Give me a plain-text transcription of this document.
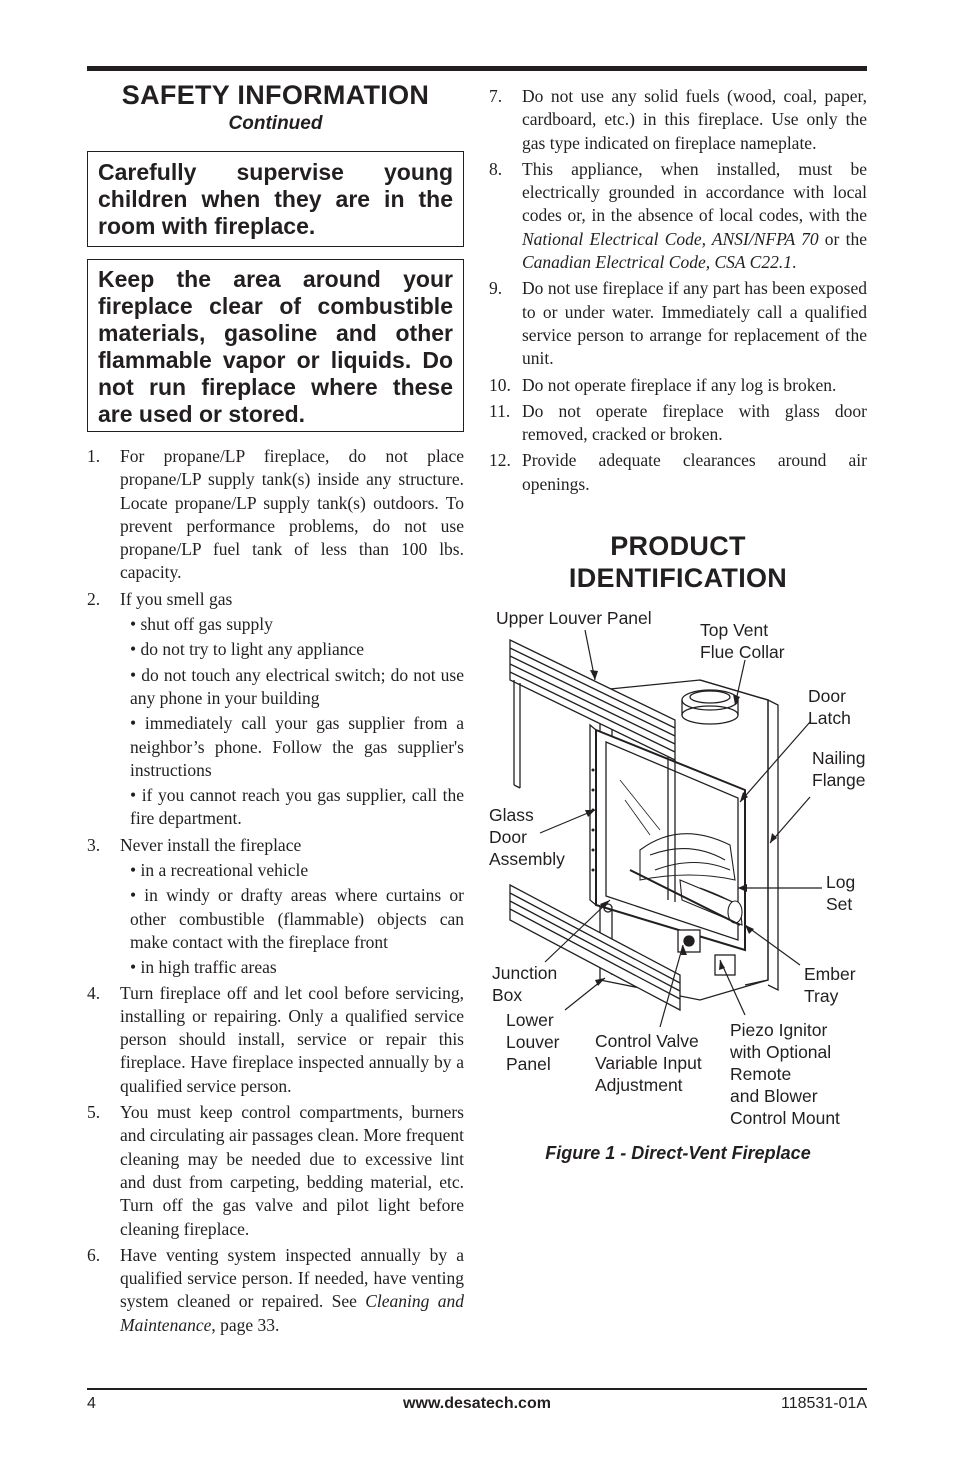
SAFETY INFORMATION
Continued
Carefully supervise young children when they are in the room with fireplace.
Keep the area around your fireplace clear of combustible materials, gasoline and other flammable vapor or liquids. Do not run fireplace where these are used or stored.
1. For propane/LP fireplace, do not place propane/LP supply tank(s) inside any structure. Locate propane/LP supply tank(s) outdoors. To prevent performance problems, do not use propane/LP fuel tank of less than 100 lbs. capacity.
2. If you smell gas
• shut off gas supply
• do not try to light any appliance
• do not touch any electrical switch; do not use any phone in your building
• immediately call your gas supplier from a neighbor’s phone. Follow the gas supplier's instructions
• if you cannot reach you gas supplier, call the fire department.
3. Never install the fireplace
• in a recreational vehicle
• in windy or drafty areas where curtains or other combustible (flammable) objects can make contact with the fireplace front
• in high traffic areas
4. Turn fireplace off and let cool before servicing, installing or repairing. Only a qualified service person should install, service or repair this fireplace. Have fireplace inspected annually by a qualified service person.
5. You must keep control compartments, burners and circulating air passages clean. More frequent cleaning may be needed due to excessive lint and dust from carpeting, bedding material, etc. Turn off the gas valve and pilot light before cleaning fireplace.
6. Have venting system inspected annually by a qualified service person. If needed, have venting system cleaned or repaired. See Cleaning and Maintenance, page 33.
7. Do not use any solid fuels (wood, coal, paper, cardboard, etc.) in this fireplace. Use only the gas type indicated on fireplace nameplate.
8. This appliance, when installed, must be electrically grounded in accordance with local codes or, in the absence of local codes, with the National Electrical Code, ANSI/NFPA 70 or the Canadian Electrical Code, CSA C22.1.
9. Do not use fireplace if any part has been exposed to or under water. Immediately call a qualified service person to arrange for replacement of the unit.
10. Do not operate fireplace if any log is broken.
11. Do not operate fireplace with glass door removed, cracked or broken.
12. Provide adequate clearances around air openings.
PRODUCT
IDENTIFICATION
Upper Louver Panel
Top Vent
Flue Collar
Door
Latch
Nailing
Flange
Glass
Door
Assembly
Log
Set
Junction
Box
Ember
Tray
Lower
Louver
Panel
Control Valve
Variable Input
Adjustment
Piezo Ignitor
with Optional
Remote
and Blower
Control Mount
Figure 1 - Direct-Vent Fireplace
4	www.desatech.com	118531-01A
